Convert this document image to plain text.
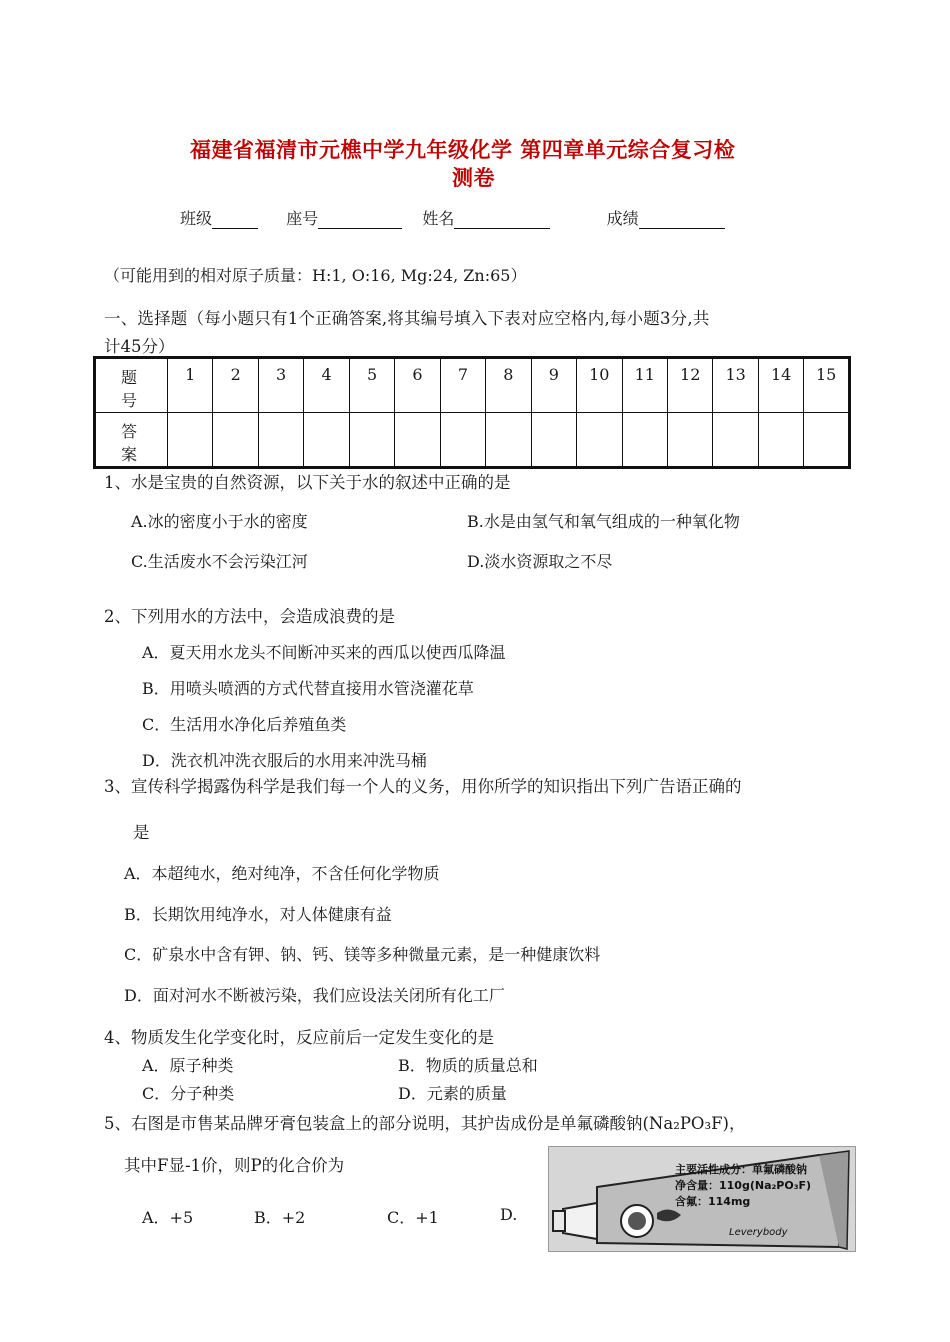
福建省福清市元樵中学九年级化学 第四章单元综合复习检
测卷
班级	座号	姓名	成绩
（可能用到的相对原子质量：H:1, O:16, Mg:24, Zn:65）
一、选择题（每小题只有1个正确答案,将其编号填入下表对应空格内,每小题3分,共
计45分）
题 号	1	2	3	4	5	6	7	8	9	10	11	12	13	14	15
答 案															
1、水是宝贵的自然资源，以下关于水的叙述中正确的是
A.冰的密度小于水的密度	B.水是由氢气和氧气组成的一种氧化物
C.生活废水不会污染江河	D.淡水资源取之不尽
2、下列用水的方法中，会造成浪费的是
A．夏天用水龙头不间断冲买来的西瓜以使西瓜降温
B．用喷头喷洒的方式代替直接用水管浇灌花草
C．生活用水净化后养殖鱼类
D．洗衣机冲洗衣服后的水用来冲洗马桶
3、宣传科学揭露伪科学是我们每一个人的义务，用你所学的知识指出下列广告语正确的
是
A．本超纯水，绝对纯净，不含任何化学物质
B．长期饮用纯净水，对人体健康有益
C．矿泉水中含有钾、钠、钙、镁等多种微量元素，是一种健康饮料
D．面对河水不断被污染，我们应设法关闭所有化工厂
4、物质发生化学变化时，反应前后一定发生变化的是
A．原子种类	B．物质的质量总和
C．分子种类	D．元素的质量
5、右图是市售某品牌牙膏包装盒上的部分说明，其护齿成份是单氟磷酸钠(Na₂PO₃F)，
其中F显-1价，则P的化合价为
A．+5	B．+2	C．+1	D.
主要活性成分：单氟磷酸钠
净含量：110g(Na₂PO₃F)
含氟：114mg
Leverybody
